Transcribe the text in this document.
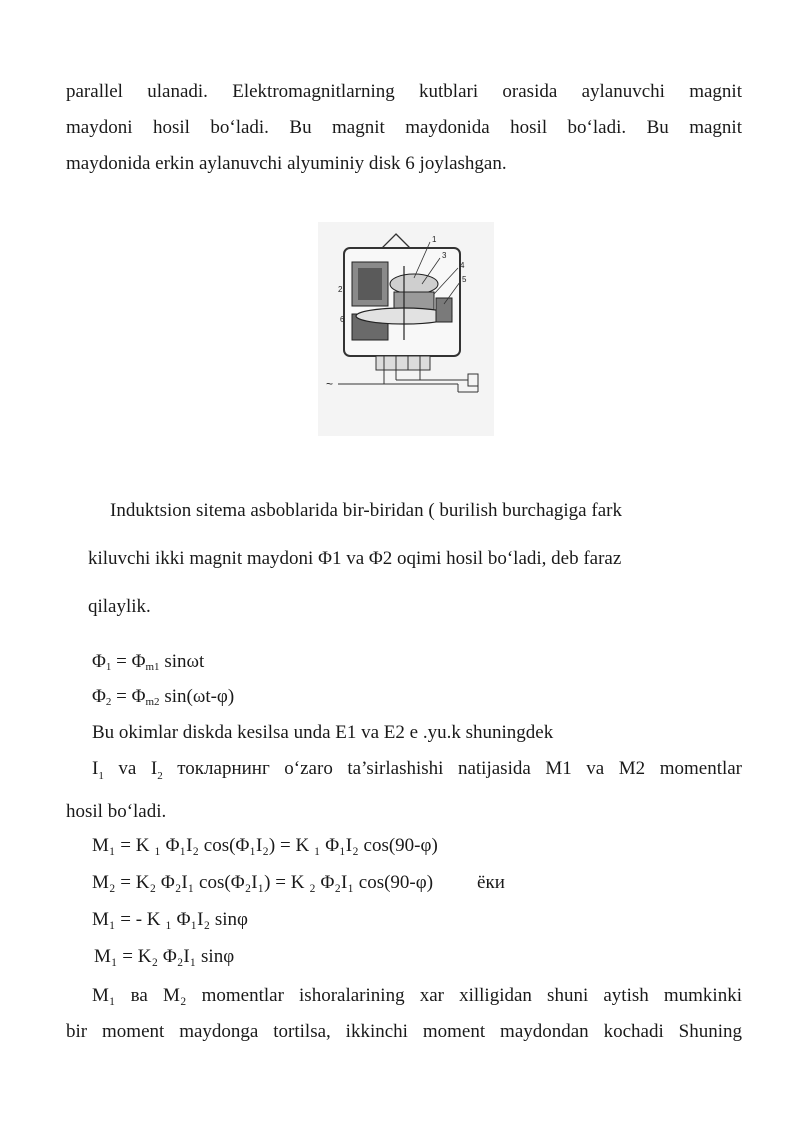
parallel ulanadi. Elektromagnitlarning kutblari orasida aylanuvchi magnit
maydoni hosil bo‘ladi. Bu magnit maydonida hosil bo‘ladi. Bu magnit
maydonida erkin aylanuvchi alyuminiy disk 6 joylashgan.
1
3
4
5
2
6
~
Induktsion sitema asboblarida bir-biridan ( burilish burchagiga fark
kiluvchi ikki magnit maydoni Φ1 va Φ2 oqimi hosil bo‘ladi, deb faraz
qilaylik.
$\Phi_1 = \Phi_{m1}$ sinωt
$\Phi_2 = \Phi_{m2}$ sin(ωt-φ)
Bu okimlar diskda kesilsa unda E1 va E2 e .yu.k shuningdek
$I_1$ va $I_2$ токларнинг o‘zaro ta’sirlashishi natijasida M1 va M2 momentlar
hosil bo‘ladi.
M₁ = K ₁ Φ₁I₂ cos(Φ₁I₂) = K ₁ Φ₁I₂ cos(90-φ)
M₂ = K₂ Φ₂I₁ cos(Φ₂I₁) = K ₂ Φ₂I₁ cos(90-φ) ёки
M₁ = - K ₁ Φ₁I₂ sinφ
M₁ = K₂ Φ₂I₁ sinφ
M₁ ва M₂ momentlar ishoralarining xar xilligidan shuni aytish mumkinki
bir moment maydonga tortilsa, ikkinchi moment maydondan kochadi Shuning
